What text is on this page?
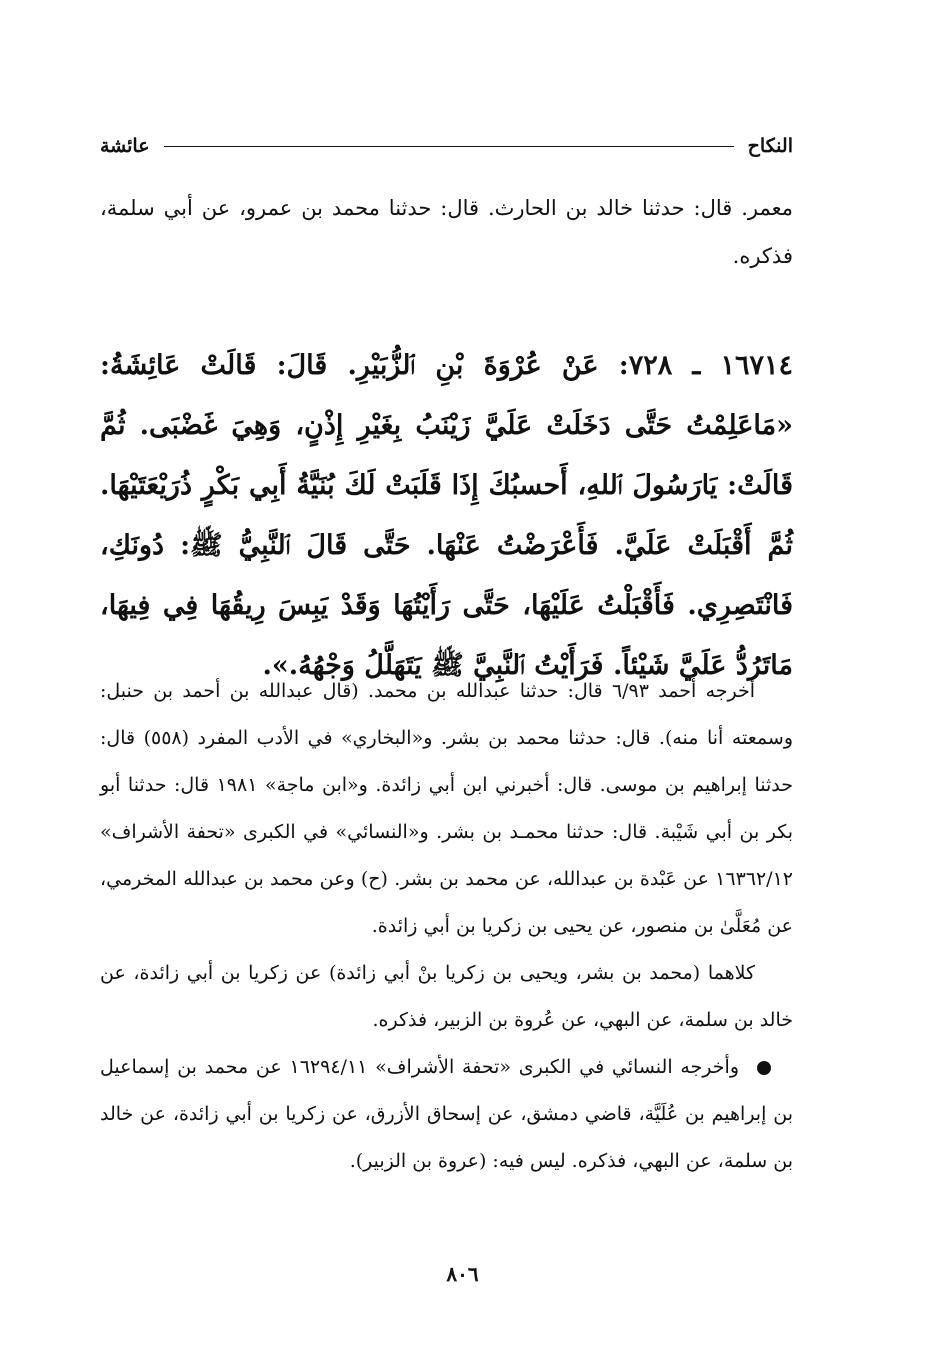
النكاح
عائشة
معمر. قال: حدثنا خالد بن الحارث. قال: حدثنا محمد بن عمرو، عن أبي سلمة، فذكره.
١٦٧١٤ ـ ٧٢٨: عَنْ عُرْوَةَ بْنِ ٱلزُّبَيْرِ. قَالَ: قَالَتْ عَائِشَةُ: «مَاعَلِمْتُ حَتَّى دَخَلَتْ عَلَيَّ زَيْنَبُ بِغَيْرِ إِذْنٍ، وَهِيَ غَضْبَى. ثُمَّ قَالَتْ: يَارَسُولَ ٱللهِ، أَحسبُكَ إِذَا قَلَبَتْ لَكَ بُنَيَّةُ أَبِي بَكْرٍ ذُرَيْعَتَيْهَا. ثُمَّ أَقْبَلَتْ عَلَيَّ. فَأَعْرَضْتُ عَنْهَا. حَتَّى قَالَ ٱلنَّبِيُّ ﷺ: دُونَكِ، فَانْتَصِرِي. فَأَقْبَلْتُ عَلَيْهَا، حَتَّى رَأَيْتُهَا وَقَدْ يَبِسَ رِيقُهَا فِي فِيهَا، مَاتَرُدُّ عَلَيَّ شَيْئاً. فَرَأَيْتُ ٱلنَّبِيَّ ﷺ يَتَهَلَّلُ وَجْهُهُ.».

أخرجه أحمد ٦/٩٣ قال: حدثنا عبدالله بن محمد. (قال عبدالله بن أحمد بن حنبل: وسمعته أنا منه). قال: حدثنا محمد بن بشر. و«البخاري» في الأدب المفرد (٥٥٨) قال: حدثنا إبراهيم بن موسى. قال: أخبرني ابن أبي زائدة. و«ابن ماجة» ١٩٨١ قال: حدثنا أبو بكر بن أبي شَيْبة. قال: حدثنا محمـد بن بشر. و«النسائي» في الكبرى «تحفة الأشراف» ١٦٣٦٢/١٢ عن عَبْدة بن عبدالله، عن محمد بن بشر. (ح) وعن محمد بن عبدالله المخرمي، عن مُعَلَّىٰ بن منصور، عن يحيى بن زكريا بن أبي زائدة.

كلاهما (محمد بن بشر، ويحيى بن زكريا بنْ أبي زائدة) عن زكريا بن أبي زائدة، عن خالد بن سلمة، عن البهي، عن عُروة بن الزبير، فذكره.

وأخرجه النسائي في الكبرى «تحفة الأشراف» ١٦٢٩٤/١١ عن محمد بن إسماعيل بن إبراهيم بن عُلَيَّة، قاضي دمشق، عن إسحاق الأزرق، عن زكريا بن أبي زائدة، عن خالد بن سلمة، عن البهي، فذكره. ليس فيه: (عروة بن الزبير).

٨٠٦
